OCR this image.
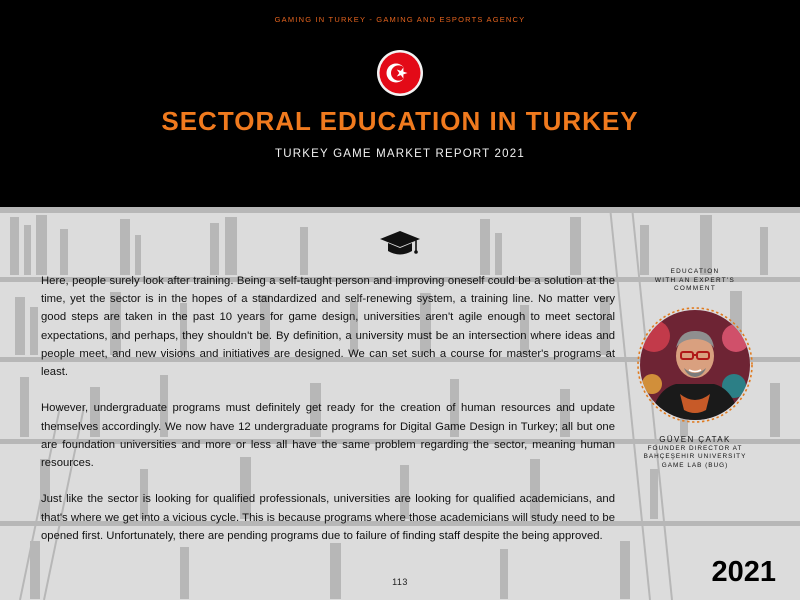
GAMING IN TURKEY - GAMING AND ESPORTS AGENCY
SECTORAL EDUCATION IN TURKEY
TURKEY GAME MARKET REPORT 2021

Here, people surely look after training. Being a self-taught person and improving oneself could be a solution at the time, yet the sector is in the hopes of a standardized and self-renewing system, a training line. No matter very good steps are taken in the past 10 years for game design, universities aren't agile enough to meet sectoral expectations, and perhaps, they shouldn't be. By definition, a university must be an intersection where ideas and people meet, and new visions and initiatives are designed. We can set such a course for master's programs at least.

However, undergraduate programs must definitely get ready for the creation of human resources and update themselves accordingly. We now have 12 undergraduate programs for Digital Game Design in Turkey; all but one are foundation universities and more or less all have the same problem regarding the sector, meaning human resources.

Just like the sector is looking for qualified professionals, universities are looking for qualified academicians, and that's where we get into a vicious cycle. This is because programs where those academicians will study need to be opened first. Unfortunately, there are pending programs due to failure of finding staff despite the being approved.

EDUCATION
WITH AN EXPERT'S
COMMENT
GÜVEN ÇATAK
FOUNDER DIRECTOR AT
BAHÇEŞEHIR UNIVERSITY
GAME LAB (BUG)
113	2021
